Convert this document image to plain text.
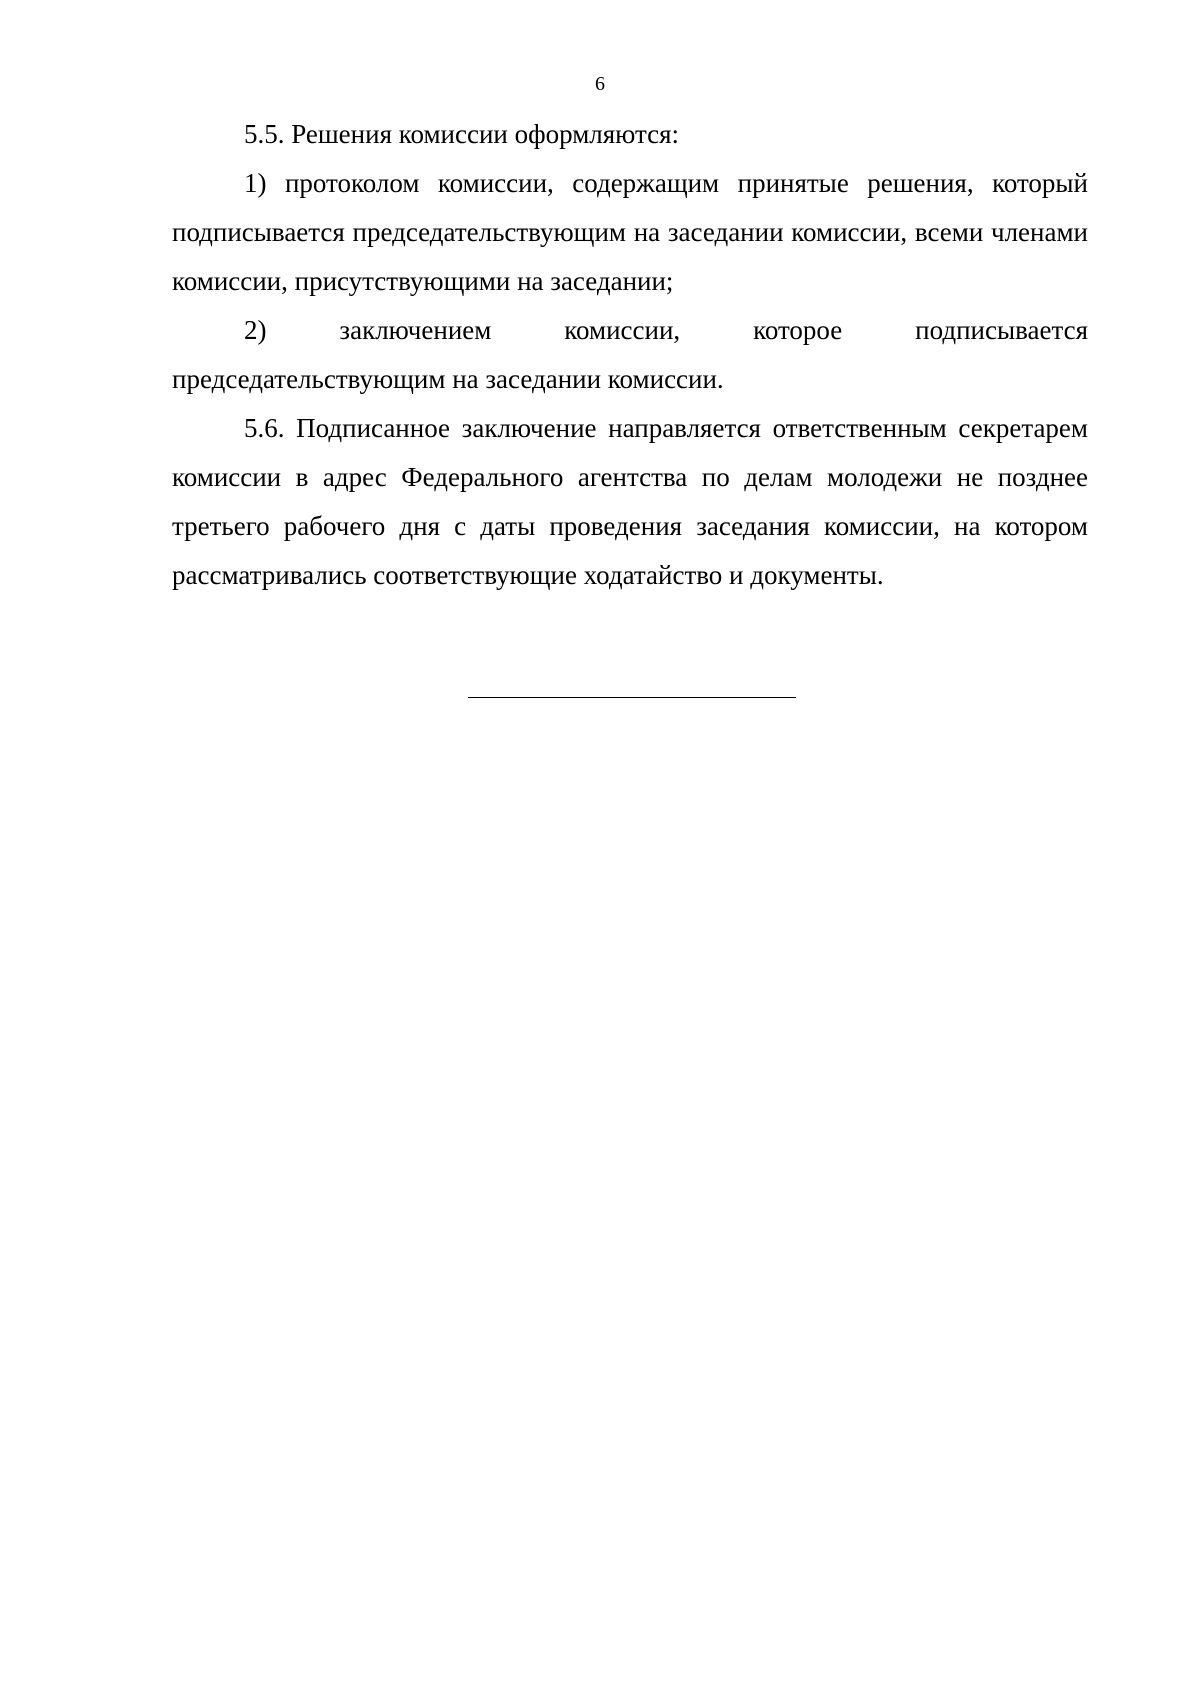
6

5.5. Решения комиссии оформляются:

1) протоколом комиссии, содержащим принятые решения, который подписывается председательствующим на заседании комиссии, всеми членами комиссии, присутствующими на заседании;

2) заключением комиссии, которое подписывается председательствующим на заседании комиссии.

5.6. Подписанное заключение направляется ответственным секретарем комиссии в адрес Федерального агентства по делам молодежи не позднее третьего рабочего дня с даты проведения заседания комиссии, на котором рассматривались соответствующие ходатайство и документы.
